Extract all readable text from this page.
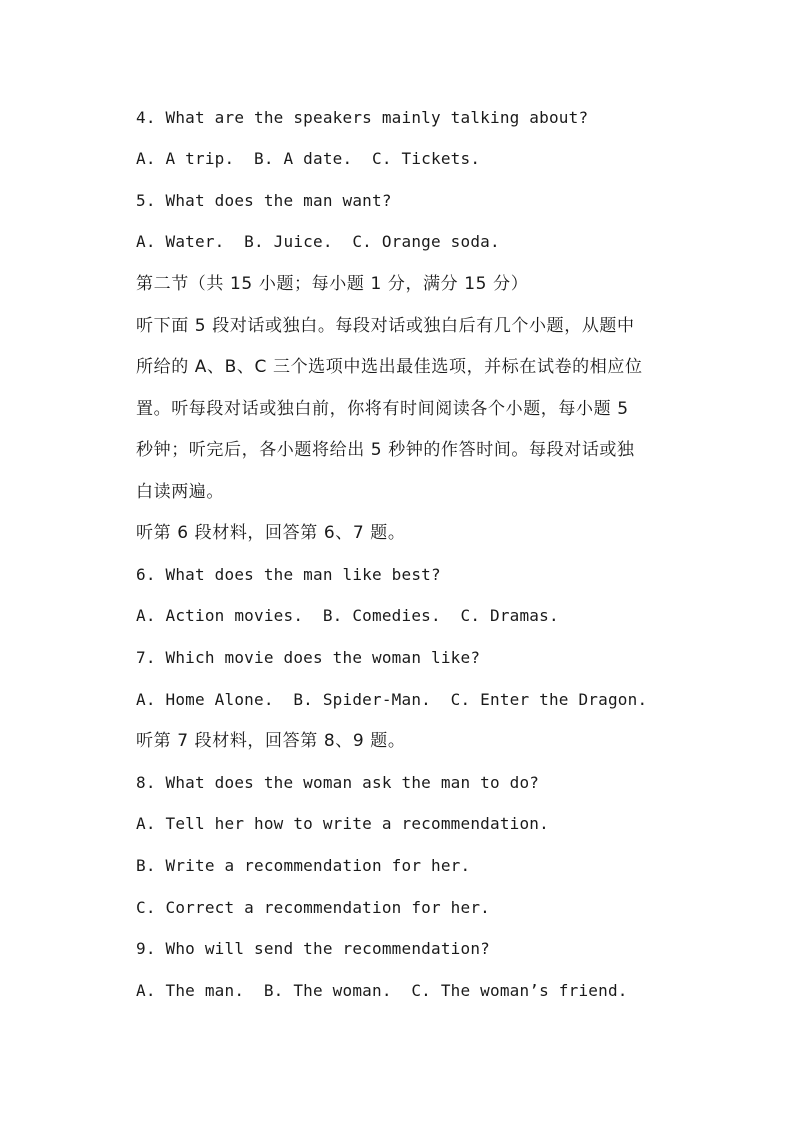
4. What are the speakers mainly talking about?
A. A trip.  B. A date.  C. Tickets.
5. What does the man want?
A. Water.  B. Juice.  C. Orange soda.
第二节（共 15 小题；每小题 1 分，满分 15 分）
听下面 5 段对话或独白。每段对话或独白后有几个小题，从题中
所给的 A、B、C 三个选项中选出最佳选项，并标在试卷的相应位
置。听每段对话或独白前，你将有时间阅读各个小题，每小题 5
秒钟；听完后，各小题将给出 5 秒钟的作答时间。每段对话或独
白读两遍。
听第 6 段材料，回答第 6、7 题。
6. What does the man like best?
A. Action movies.  B. Comedies.  C. Dramas.
7. Which movie does the woman like?
A. Home Alone.  B. Spider-Man.  C. Enter the Dragon.
听第 7 段材料，回答第 8、9 题。
8. What does the woman ask the man to do?
A. Tell her how to write a recommendation.
B. Write a recommendation for her.
C. Correct a recommendation for her.
9. Who will send the recommendation?
A. The man.  B. The woman.  C. The woman’s friend.
